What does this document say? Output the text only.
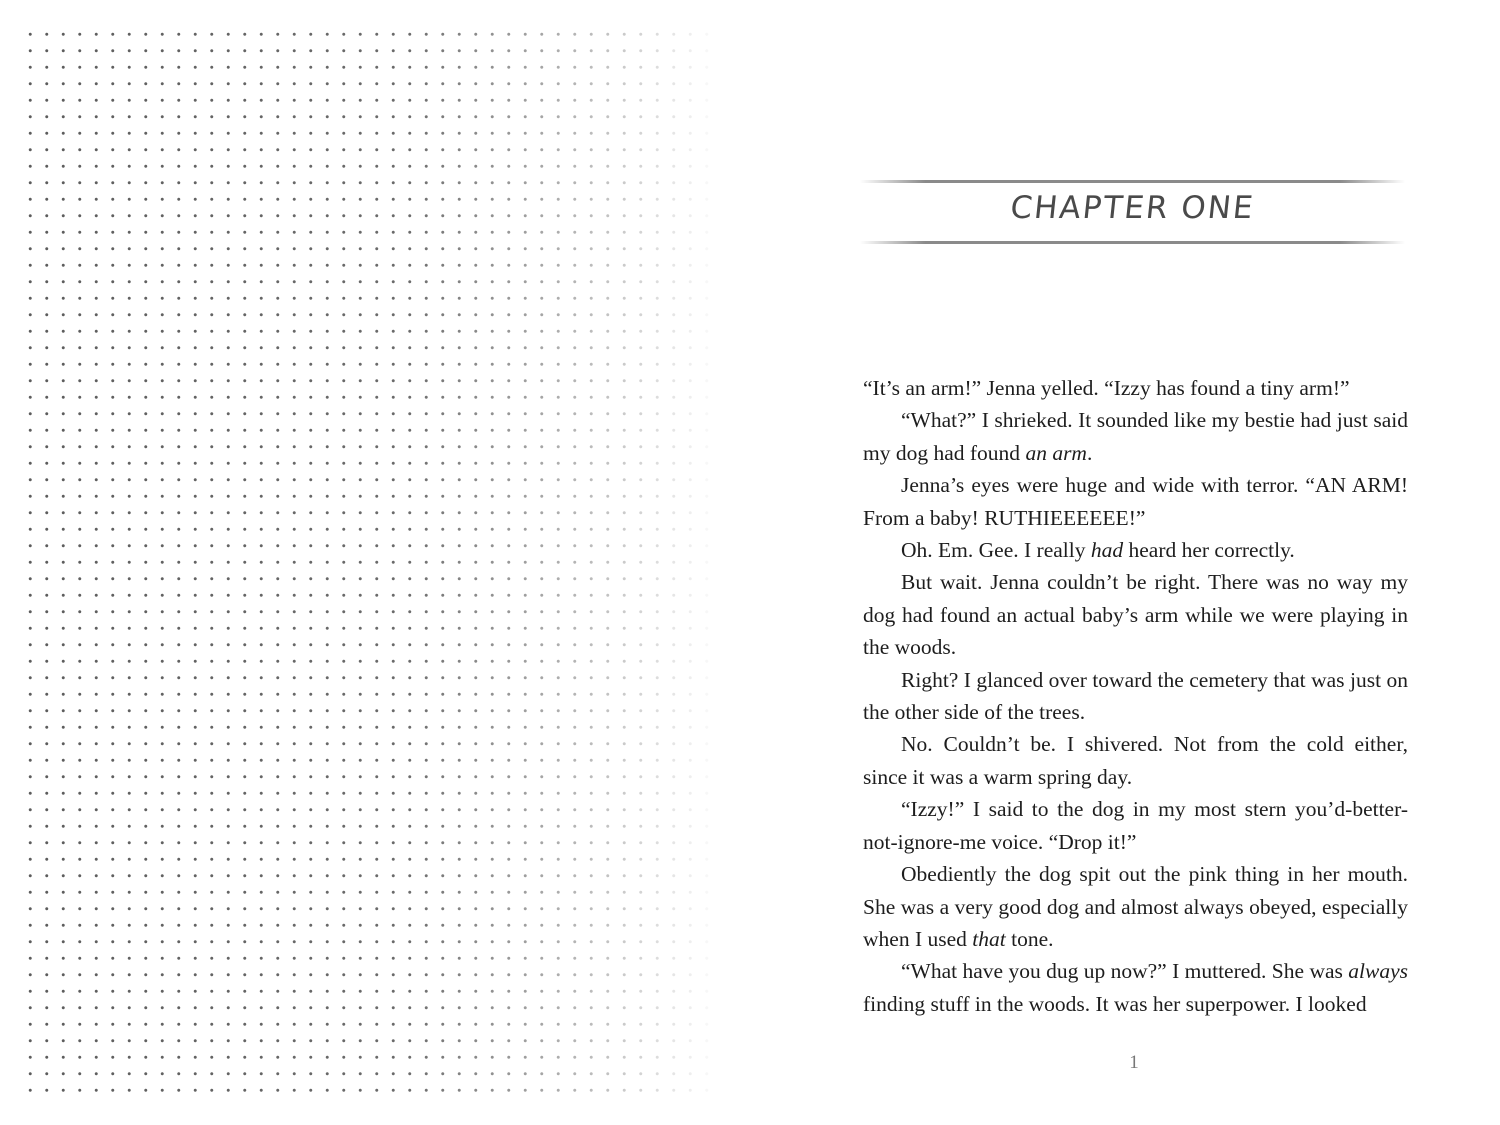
CHAPTER ONE

“It’s an arm!” Jenna yelled. “Izzy has found a tiny arm!”

“What?” I shrieked. It sounded like my bestie had just said my dog had found an arm.

Jenna’s eyes were huge and wide with terror. “AN ARM! From a baby! RUTHIEEEEEE!”

Oh. Em. Gee. I really had heard her correctly.

But wait. Jenna couldn’t be right. There was no way my dog had found an actual baby’s arm while we were playing in the woods.

Right? I glanced over toward the cemetery that was just on the other side of the trees.

No. Couldn’t be. I shivered. Not from the cold either, since it was a warm spring day.

“Izzy!” I said to the dog in my most stern you’d-better-not-ignore-me voice. “Drop it!”

Obediently the dog spit out the pink thing in her mouth. She was a very good dog and almost always obeyed, especially when I used that tone.

“What have you dug up now?” I muttered. She was always finding stuff in the woods. It was her superpower. I looked

1
